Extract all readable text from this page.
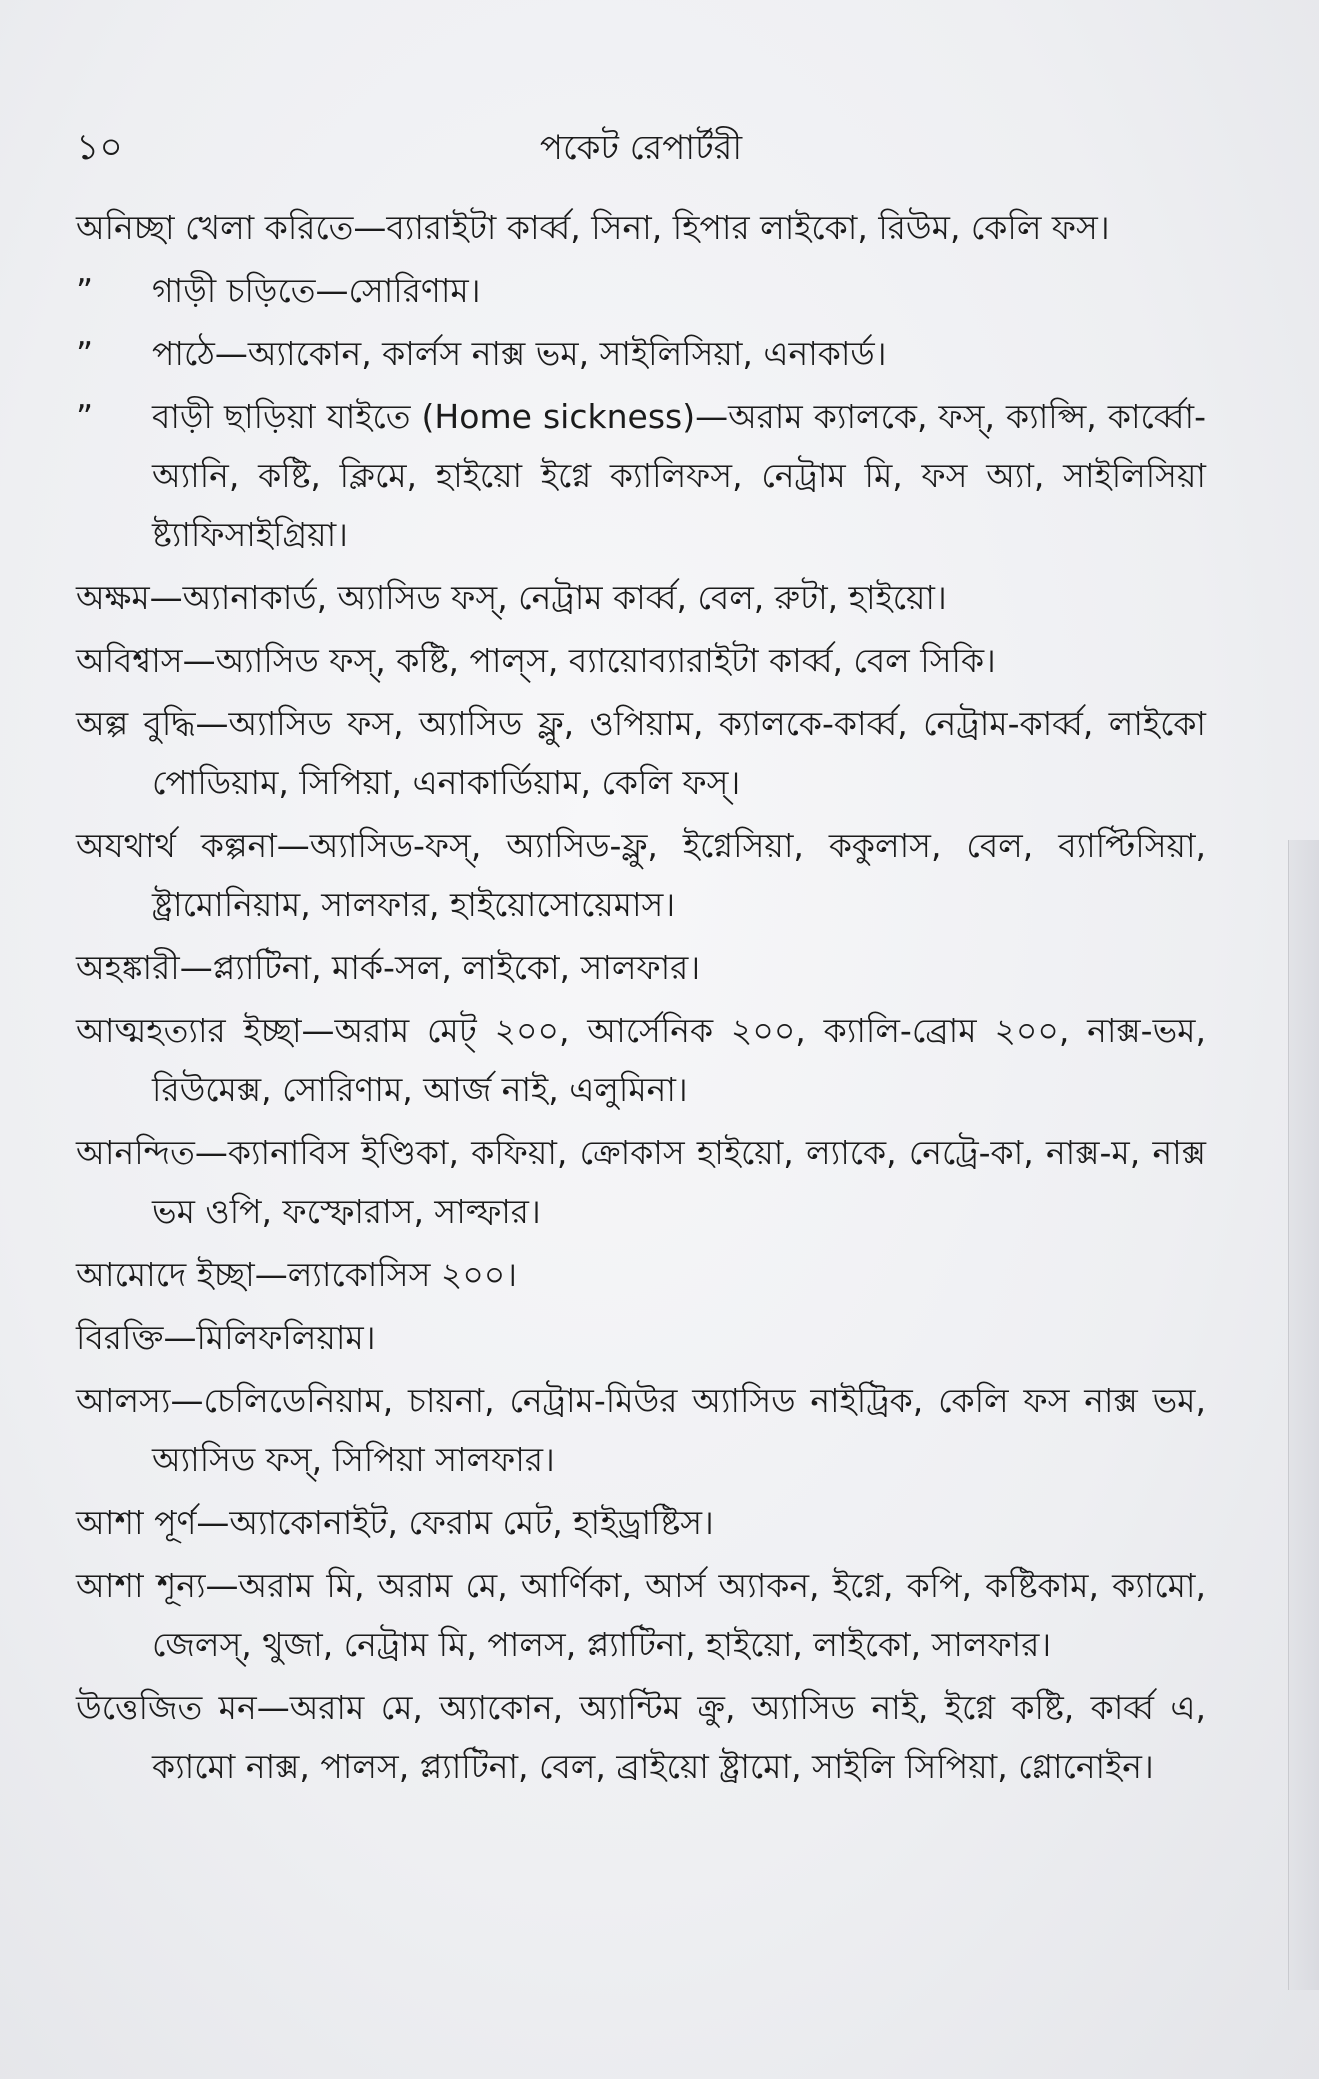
১০	পকেট রেপার্টরী

অনিচ্ছা খেলা করিতে—ব্যারাইটা কার্ব্ব, সিনা, হিপার লাইকো, রিউম, কেলি ফস।

”	গাড়ী চড়িতে—সোরিণাম।

”	পাঠে—অ্যাকোন, কার্লস নাক্স ভম, সাইলিসিয়া, এনাকার্ড।

”	বাড়ী ছাড়িয়া যাইতে (Home sickness)—অরাম ক্যালকে, ফস্, ক্যাপ্সি, কার্ব্বো-অ্যানি, কষ্টি, ক্লিমে, হাইয়ো ইগ্নে ক্যালিফস, নেট্রাম মি, ফস অ্যা, সাইলিসিয়া ষ্ট্যাফিসাইগ্রিয়া।

অক্ষম—অ্যানাকার্ড, অ্যাসিড ফস্, নেট্রাম কার্ব্ব, বেল, রুটা, হাইয়ো।

অবিশ্বাস—অ্যাসিড ফস্, কষ্টি, পাল্স, ব্যায়োব্যারাইটা কার্ব্ব, বেল সিকি।

অল্প বুদ্ধি—অ্যাসিড ফস, অ্যাসিড ফ্লু, ওপিয়াম, ক্যালকে-কার্ব্ব, নেট্রাম-কার্ব্ব, লাইকো পোডিয়াম, সিপিয়া, এনাকার্ডিয়াম, কেলি ফস্।

অযথার্থ কল্পনা—অ্যাসিড-ফস্, অ্যাসিড-ফ্লু, ইগ্নেসিয়া, ককুলাস, বেল, ব্যাপ্টিসিয়া, ষ্ট্রামোনিয়াম, সালফার, হাইয়োসোয়েমাস।

অহঙ্কারী—প্ল্যাটিনা, মার্ক-সল, লাইকো, সালফার।

আত্মহত্যার ইচ্ছা—অরাম মেট্ ২০০, আর্সেনিক ২০০, ক্যালি-ব্রোম ২০০, নাক্স-ভম, রিউমেক্স, সোরিণাম, আর্জ নাই, এলুমিনা।

আনন্দিত—ক্যানাবিস ইণ্ডিকা, কফিয়া, ক্রোকাস হাইয়ো, ল্যাকে, নেট্রে-কা, নাক্স-ম, নাক্স ভম ওপি, ফস্ফোরাস, সাল্ফার।

আমোদে ইচ্ছা—ল্যাকোসিস ২০০।

বিরক্তি—মিলিফলিয়াম।

আলস্য—চেলিডেনিয়াম, চায়না, নেট্রাম-মিউর অ্যাসিড নাইট্রিক, কেলি ফস নাক্স ভম, অ্যাসিড ফস্, সিপিয়া সালফার।

আশা পূর্ণ—অ্যাকোনাইট, ফেরাম মেট, হাইড্রাষ্টিস।

আশা শূন্য—অরাম মি, অরাম মে, আর্ণিকা, আর্স অ্যাকন, ইগ্নে, কপি, কষ্টিকাম, ক্যামো, জেলস্, থুজা, নেট্রাম মি, পালস, প্ল্যাটিনা, হাইয়ো, লাইকো, সালফার।

উত্তেজিত মন—অরাম মে, অ্যাকোন, অ্যান্টিম ক্রু, অ্যাসিড নাই, ইগ্নে কষ্টি, কার্ব্ব এ, ক্যামো নাক্স, পালস, প্ল্যাটিনা, বেল, ব্রাইয়ো ষ্ট্রামো, সাইলি সিপিয়া, গ্লোনোইন।
